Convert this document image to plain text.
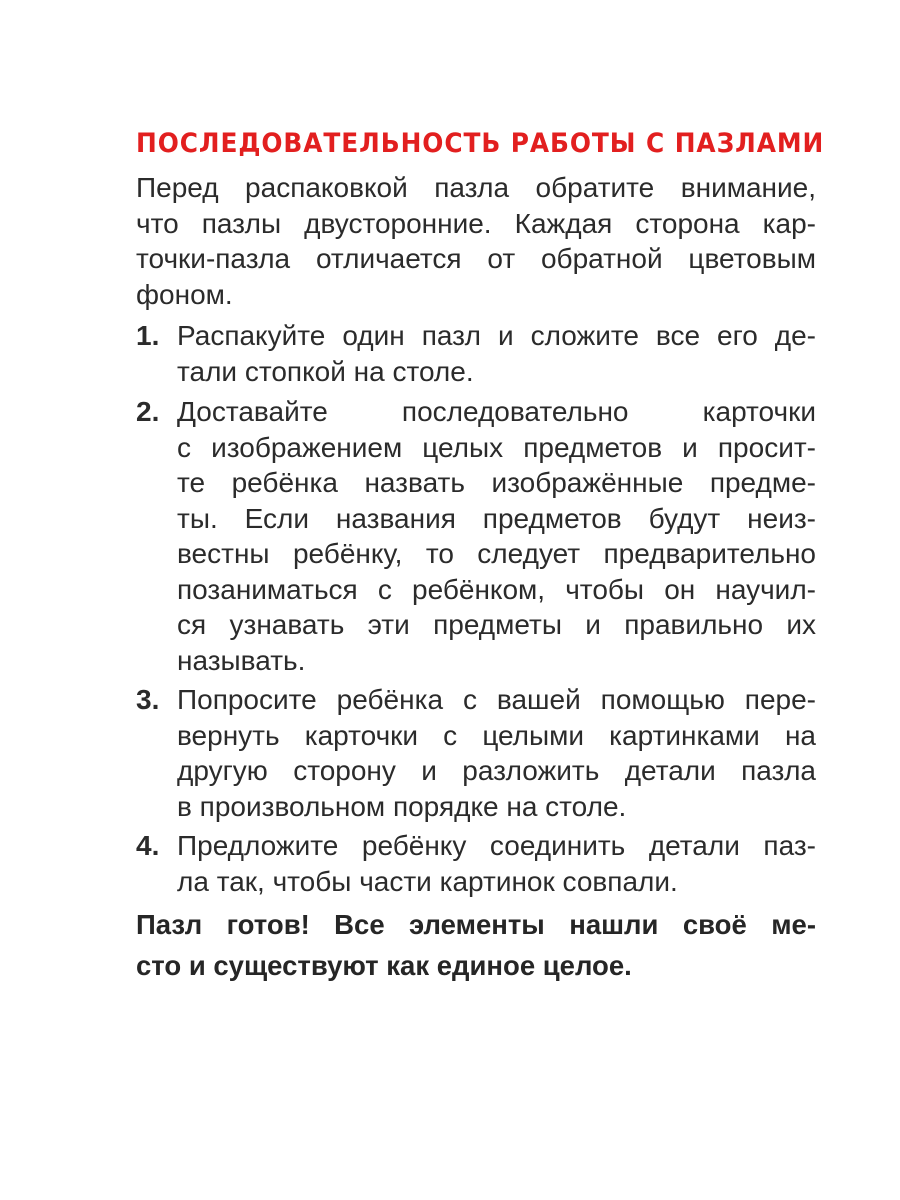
ПОСЛЕДОВАТЕЛЬНОСТЬ РАБОТЫ С ПАЗЛАМИ
Перед распаковкой пазла обратите внимание,
что пазлы двусторонние. Каждая сторона кар-
точки-пазла отличается от обратной цветовым
фоном.
1. Распакуйте один пазл и сложите все его де-
тали стопкой на столе.
2. Доставайте последовательно карточки
с изображением целых предметов и просит-
те ребёнка назвать изображённые предме-
ты. Если названия предметов будут неиз-
вестны ребёнку, то следует предварительно
позаниматься с ребёнком, чтобы он научил-
ся узнавать эти предметы и правильно их
называть.
3. Попросите ребёнка с вашей помощью пере-
вернуть карточки с целыми картинками на
другую сторону и разложить детали пазла
в произвольном порядке на столе.
4. Предложите ребёнку соединить детали паз-
ла так, чтобы части картинок совпали.
Пазл готов! Все элементы нашли своё ме-
сто и существуют как единое целое.
